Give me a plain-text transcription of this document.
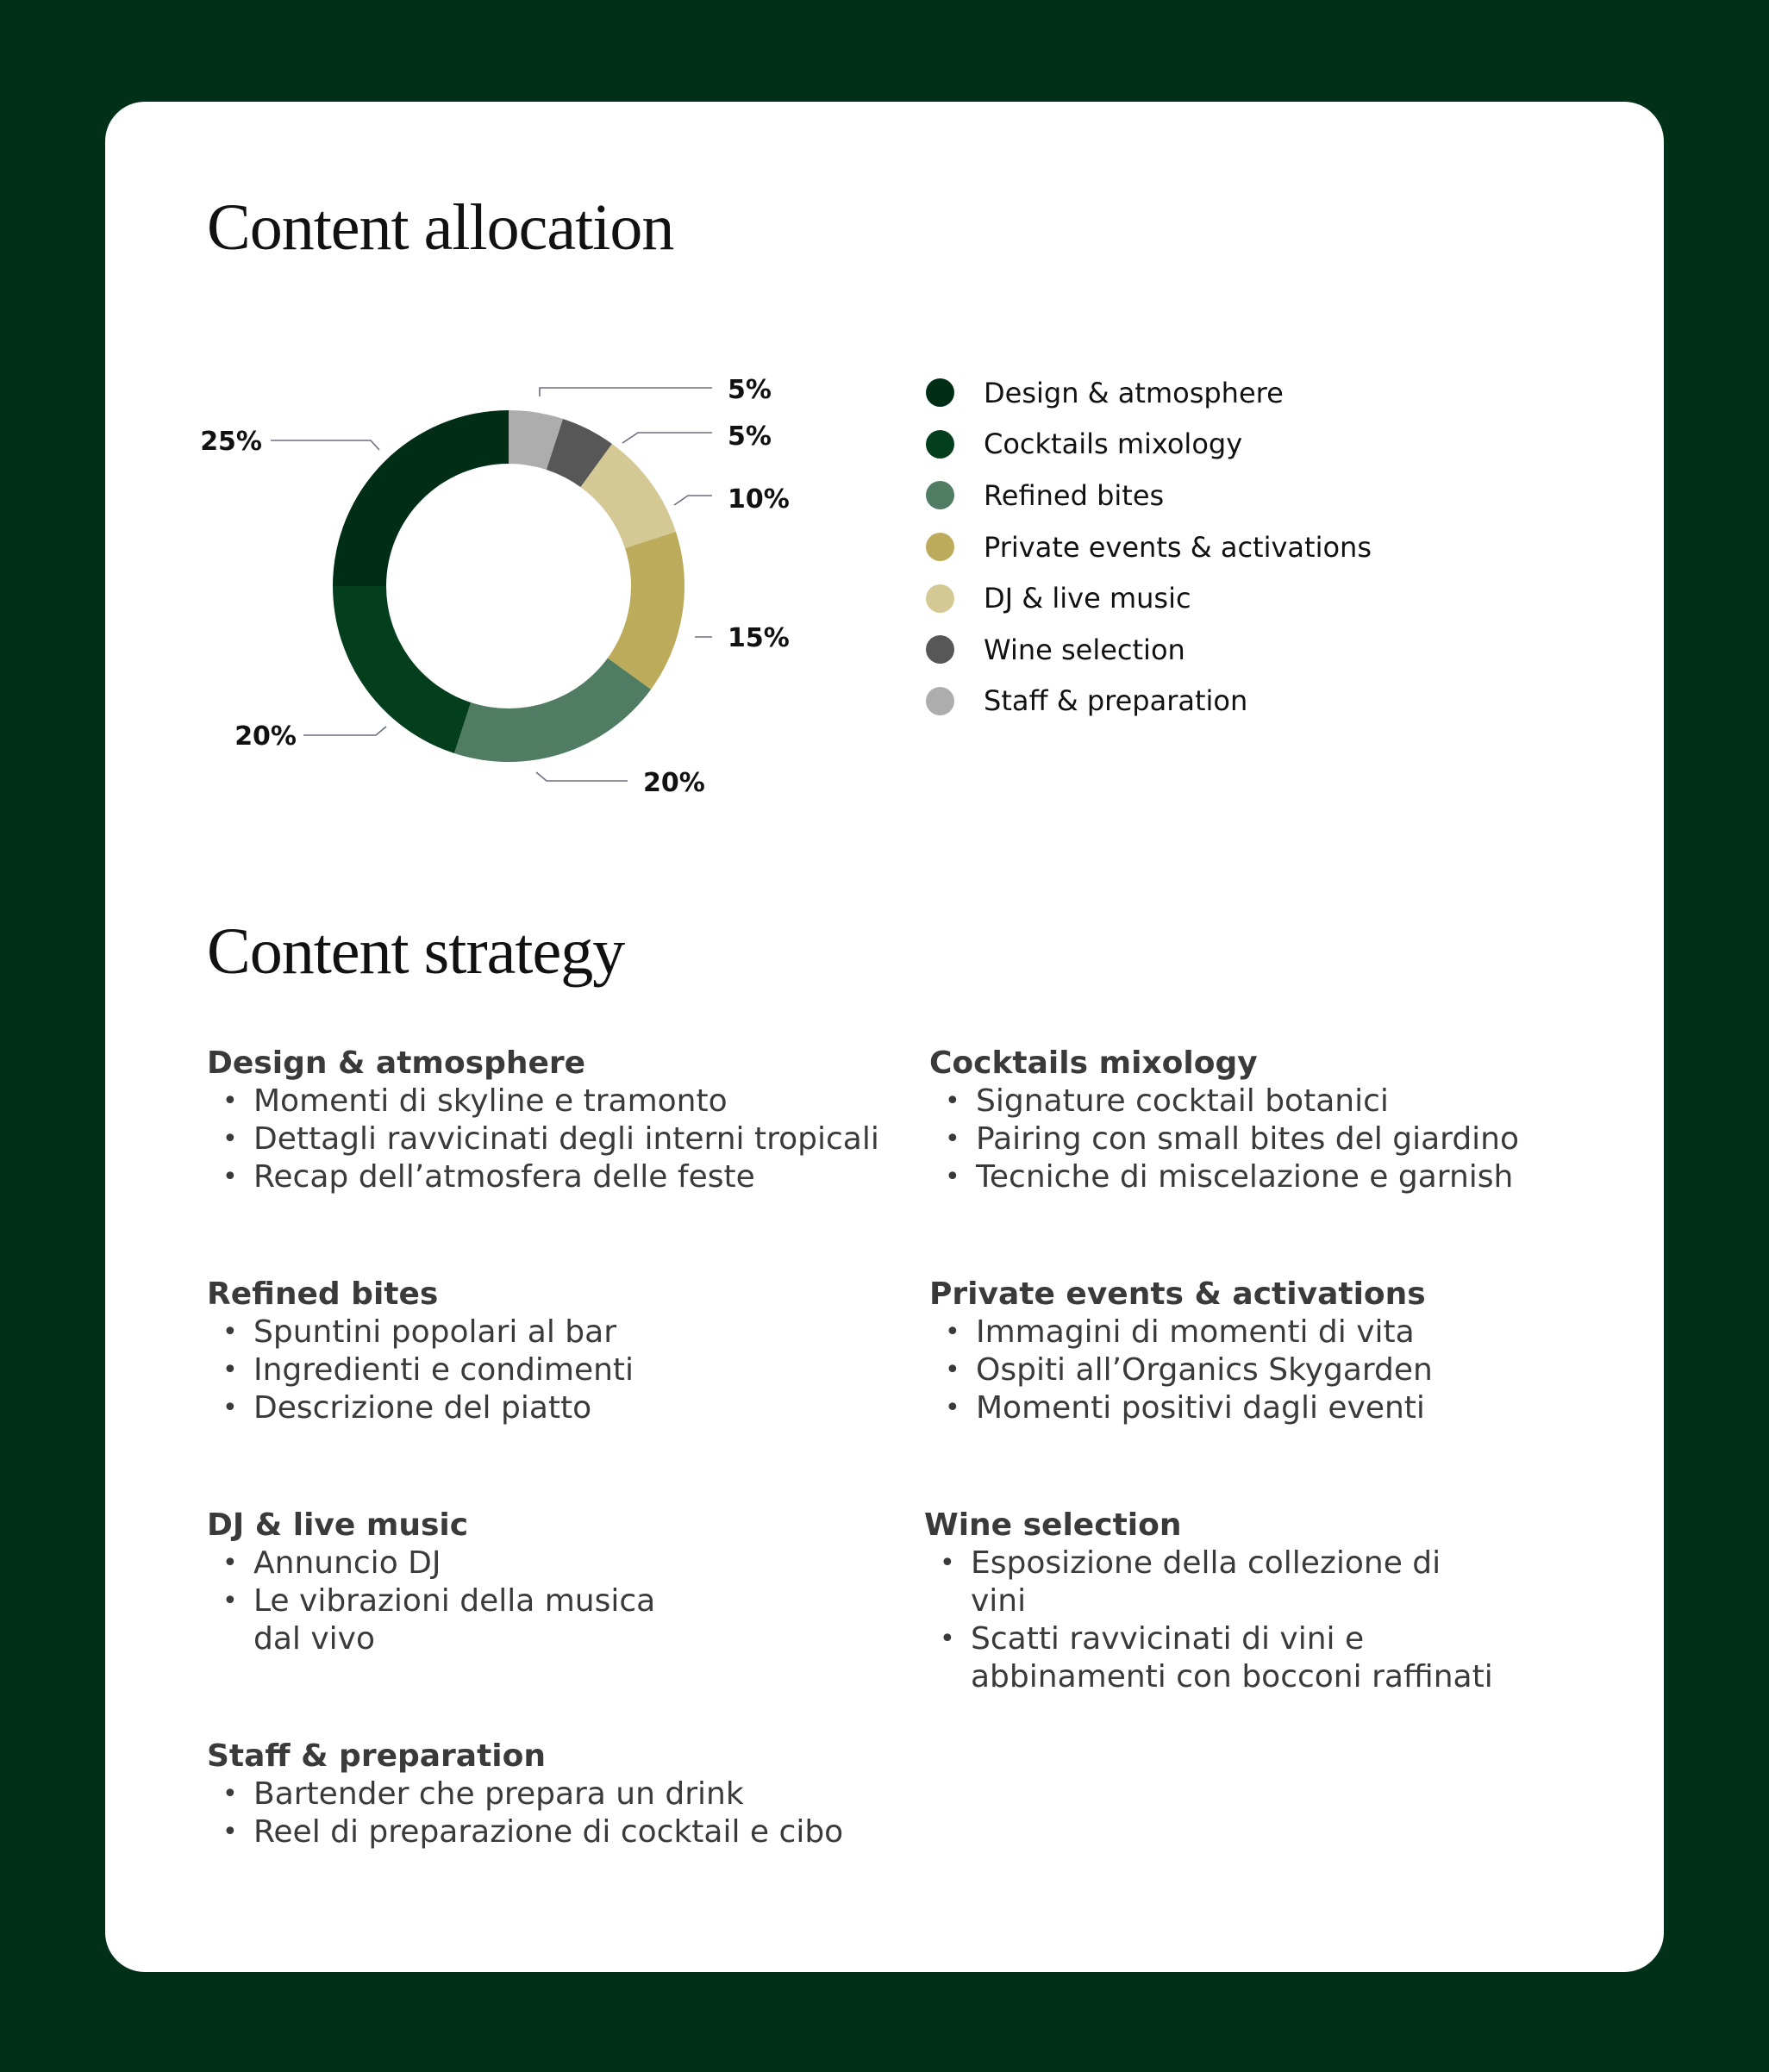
Content allocation
5%
5%
10%
15%
20%
20%
25%
Design & atmosphere
Cocktails mixology
Refined bites
Private events & activations
DJ & live music
Wine selection
Staff & preparation
Content strategy
Design & atmosphere
• Momenti di skyline e tramonto
• Dettagli ravvicinati degli interni tropicali
• Recap dell’atmosfera delle feste
Cocktails mixology
• Signature cocktail botanici
• Pairing con small bites del giardino
• Tecniche di miscelazione e garnish
Refined bites
• Spuntini popolari al bar
• Ingredienti e condimenti
• Descrizione del piatto
Private events & activations
• Immagini di momenti di vita
• Ospiti all’Organics Skygarden
• Momenti positivi dagli eventi
DJ & live music
• Annuncio DJ
• Le vibrazioni della musica dal vivo
Wine selection
• Esposizione della collezione di vini
• Scatti ravvicinati di vini e abbinamenti con bocconi raffinati
Staff & preparation
• Bartender che prepara un drink
• Reel di preparazione di cocktail e cibo
